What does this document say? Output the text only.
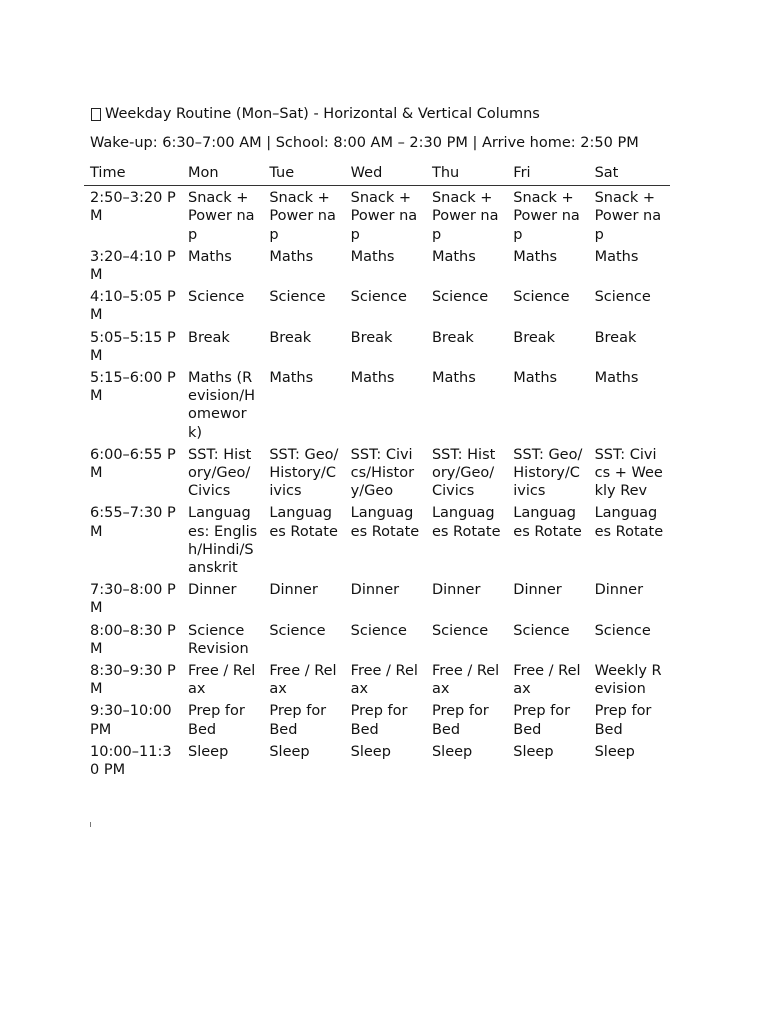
Weekday Routine (Mon–Sat) - Horizontal & Vertical Columns

Wake-up: 6:30–7:00 AM | School: 8:00 AM – 2:30 PM | Arrive home: 2:50 PM

Time	Mon	Tue	Wed	Thu	Fri	Sat
2:50–3:20 PM	Snack + Power nap	Snack + Power nap	Snack + Power nap	Snack + Power nap	Snack + Power nap	Snack + Power nap
3:20–4:10 PM	Maths	Maths	Maths	Maths	Maths	Maths
4:10–5:05 PM	Science	Science	Science	Science	Science	Science
5:05–5:15 PM	Break	Break	Break	Break	Break	Break
5:15–6:00 PM	Maths (Revision/Homework)	Maths	Maths	Maths	Maths	Maths
6:00–6:55 PM	SST: History/Geo/Civics	SST: Geo/History/Civics	SST: Civics/History/Geo	SST: History/Geo/Civics	SST: Geo/History/Civics	SST: Civics + Weekly Rev
6:55–7:30 PM	Languages: English/Hindi/Sanskrit	Languages Rotate	Languages Rotate	Languages Rotate	Languages Rotate	Languages Rotate
7:30–8:00 PM	Dinner	Dinner	Dinner	Dinner	Dinner	Dinner
8:00–8:30 PM	Science Revision	Science	Science	Science	Science	Science
8:30–9:30 PM	Free / Relax	Free / Relax	Free / Relax	Free / Relax	Free / Relax	Weekly Revision
9:30–10:00 PM	Prep for Bed	Prep for Bed	Prep for Bed	Prep for Bed	Prep for Bed	Prep for Bed
10:00–11:30 PM	Sleep	Sleep	Sleep	Sleep	Sleep	Sleep
